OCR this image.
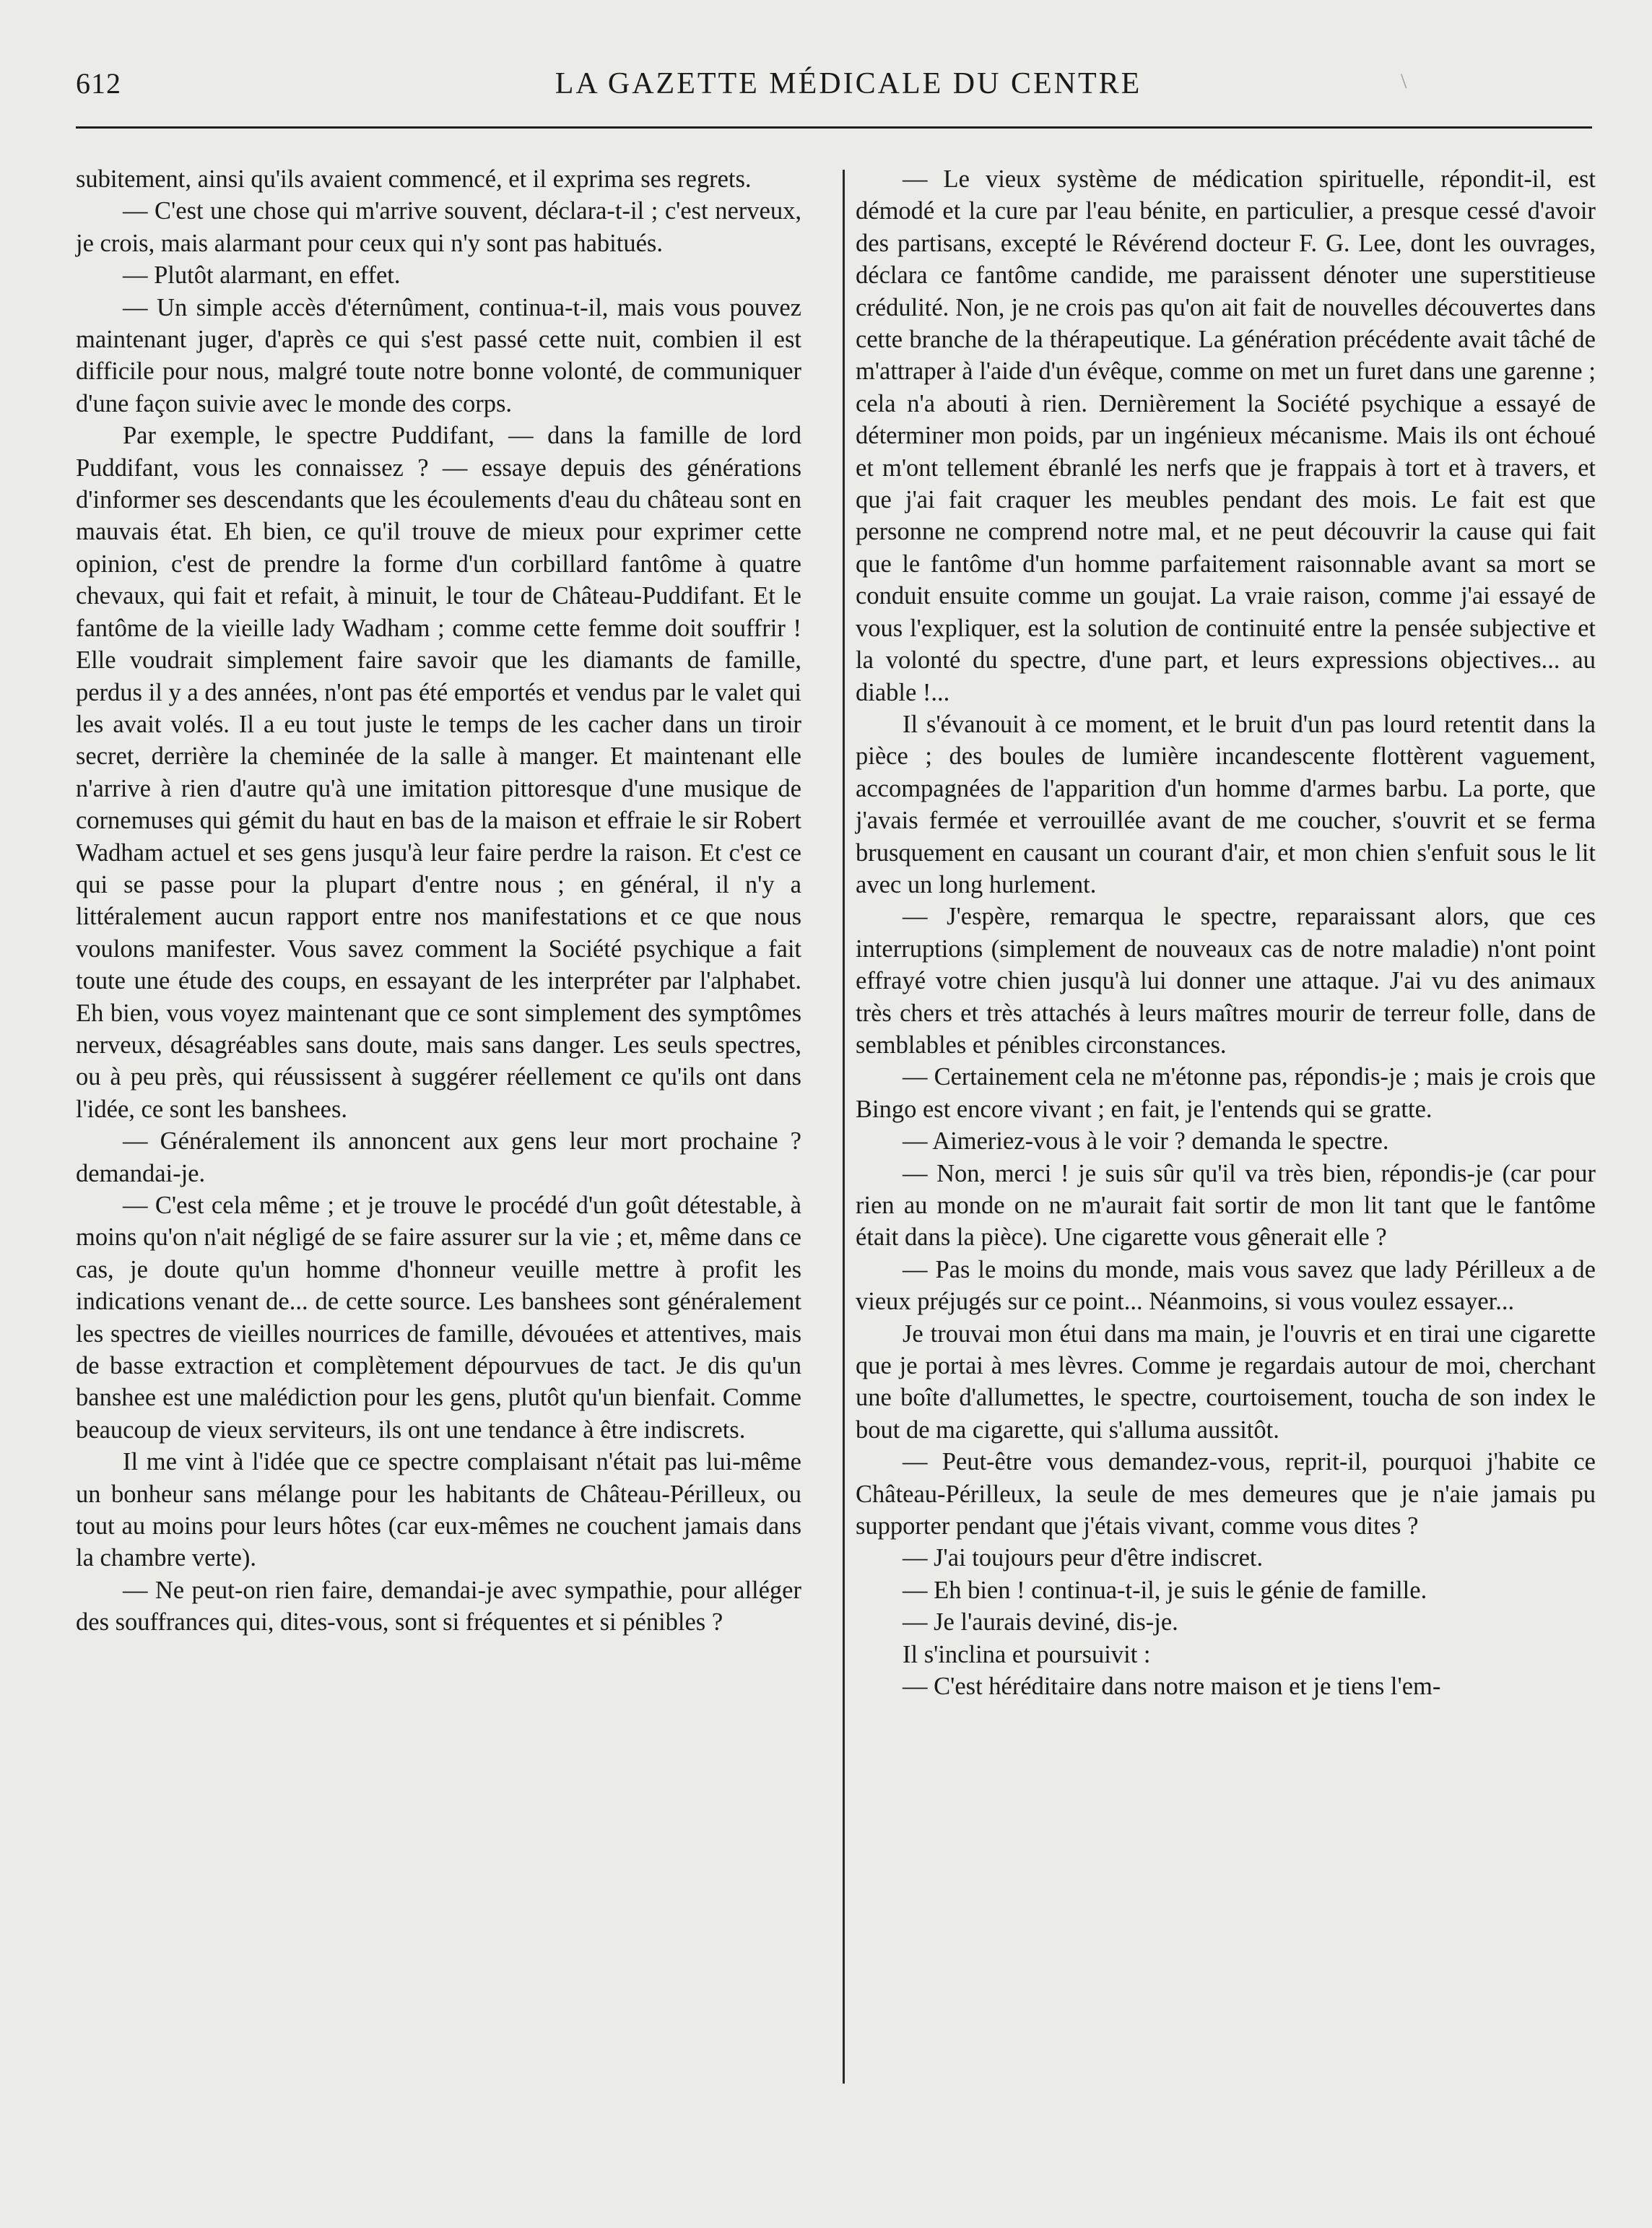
612	LA GAZETTE MÉDICALE DU CENTRE	\

subitement, ainsi qu'ils avaient commencé, et il exprima ses regrets.

— C'est une chose qui m'arrive souvent, déclara-t-il ; c'est nerveux, je crois, mais alarmant pour ceux qui n'y sont pas habitués.

— Plutôt alarmant, en effet.

— Un simple accès d'éternûment, continua-t-il, mais vous pouvez maintenant juger, d'après ce qui s'est passé cette nuit, combien il est difficile pour nous, malgré toute notre bonne volonté, de communiquer d'une façon suivie avec le monde des corps.

Par exemple, le spectre Puddifant, — dans la famille de lord Puddifant, vous les connaissez ? — essaye depuis des générations d'informer ses descendants que les écoulements d'eau du château sont en mauvais état. Eh bien, ce qu'il trouve de mieux pour exprimer cette opinion, c'est de prendre la forme d'un corbillard fantôme à quatre chevaux, qui fait et refait, à minuit, le tour de Château-Puddifant. Et le fantôme de la vieille lady Wadham ; comme cette femme doit souffrir ! Elle voudrait simplement faire savoir que les diamants de famille, perdus il y a des années, n'ont pas été emportés et vendus par le valet qui les avait volés. Il a eu tout juste le temps de les cacher dans un tiroir secret, derrière la cheminée de la salle à manger. Et maintenant elle n'arrive à rien d'autre qu'à une imitation pittoresque d'une musique de cornemuses qui gémit du haut en bas de la maison et effraie le sir Robert Wadham actuel et ses gens jusqu'à leur faire perdre la raison. Et c'est ce qui se passe pour la plupart d'entre nous ; en général, il n'y a littéralement aucun rapport entre nos manifestations et ce que nous voulons manifester. Vous savez comment la Société psychique a fait toute une étude des coups, en essayant de les interpréter par l'alphabet. Eh bien, vous voyez maintenant que ce sont simplement des symptômes nerveux, désagréables sans doute, mais sans danger. Les seuls spectres, ou à peu près, qui réussissent à suggérer réellement ce qu'ils ont dans l'idée, ce sont les banshees.

— Généralement ils annoncent aux gens leur mort prochaine ? demandai-je.

— C'est cela même ; et je trouve le procédé d'un goût détestable, à moins qu'on n'ait négligé de se faire assurer sur la vie ; et, même dans ce cas, je doute qu'un homme d'honneur veuille mettre à profit les indications venant de... de cette source. Les banshees sont généralement les spectres de vieilles nourrices de famille, dévouées et attentives, mais de basse extraction et complètement dépourvues de tact. Je dis qu'un banshee est une malédiction pour les gens, plutôt qu'un bienfait. Comme beaucoup de vieux serviteurs, ils ont une tendance à être indiscrets.

Il me vint à l'idée que ce spectre complaisant n'était pas lui-même un bonheur sans mélange pour les habitants de Château-Périlleux, ou tout au moins pour leurs hôtes (car eux-mêmes ne couchent jamais dans la chambre verte).

— Ne peut-on rien faire, demandai-je avec sympathie, pour alléger des souffrances qui, dites-vous, sont si fréquentes et si pénibles ?

— Le vieux système de médication spirituelle, répondit-il, est démodé et la cure par l'eau bénite, en particulier, a presque cessé d'avoir des partisans, excepté le Révérend docteur F. G. Lee, dont les ouvrages, déclara ce fantôme candide, me paraissent dénoter une superstitieuse crédulité. Non, je ne crois pas qu'on ait fait de nouvelles découvertes dans cette branche de la thérapeutique. La génération précédente avait tâché de m'attraper à l'aide d'un évêque, comme on met un furet dans une garenne ; cela n'a abouti à rien. Dernièrement la Société psychique a essayé de déterminer mon poids, par un ingénieux mécanisme. Mais ils ont échoué et m'ont tellement ébranlé les nerfs que je frappais à tort et à travers, et que j'ai fait craquer les meubles pendant des mois. Le fait est que personne ne comprend notre mal, et ne peut découvrir la cause qui fait que le fantôme d'un homme parfaitement raisonnable avant sa mort se conduit ensuite comme un goujat. La vraie raison, comme j'ai essayé de vous l'expliquer, est la solution de continuité entre la pensée subjective et la volonté du spectre, d'une part, et leurs expressions objectives... au diable !...

Il s'évanouit à ce moment, et le bruit d'un pas lourd retentit dans la pièce ; des boules de lumière incandescente flottèrent vaguement, accompagnées de l'apparition d'un homme d'armes barbu. La porte, que j'avais fermée et verrouillée avant de me coucher, s'ouvrit et se ferma brusquement en causant un courant d'air, et mon chien s'enfuit sous le lit avec un long hurlement.

— J'espère, remarqua le spectre, reparaissant alors, que ces interruptions (simplement de nouveaux cas de notre maladie) n'ont point effrayé votre chien jusqu'à lui donner une attaque. J'ai vu des animaux très chers et très attachés à leurs maîtres mourir de terreur folle, dans de semblables et pénibles circonstances.

— Certainement cela ne m'étonne pas, répondis-je ; mais je crois que Bingo est encore vivant ; en fait, je l'entends qui se gratte.

— Aimeriez-vous à le voir ? demanda le spectre.

— Non, merci ! je suis sûr qu'il va très bien, répondis-je (car pour rien au monde on ne m'aurait fait sortir de mon lit tant que le fantôme était dans la pièce). Une cigarette vous gênerait elle ?

— Pas le moins du monde, mais vous savez que lady Périlleux a de vieux préjugés sur ce point... Néanmoins, si vous voulez essayer...

Je trouvai mon étui dans ma main, je l'ouvris et en tirai une cigarette que je portai à mes lèvres. Comme je regardais autour de moi, cherchant une boîte d'allumettes, le spectre, courtoisement, toucha de son index le bout de ma cigarette, qui s'alluma aussitôt.

— Peut-être vous demandez-vous, reprit-il, pourquoi j'habite ce Château-Périlleux, la seule de mes demeures que je n'aie jamais pu supporter pendant que j'étais vivant, comme vous dites ?

— J'ai toujours peur d'être indiscret.

— Eh bien ! continua-t-il, je suis le génie de famille.

— Je l'aurais deviné, dis-je.

Il s'inclina et poursuivit :

— C'est héréditaire dans notre maison et je tiens l'em-
